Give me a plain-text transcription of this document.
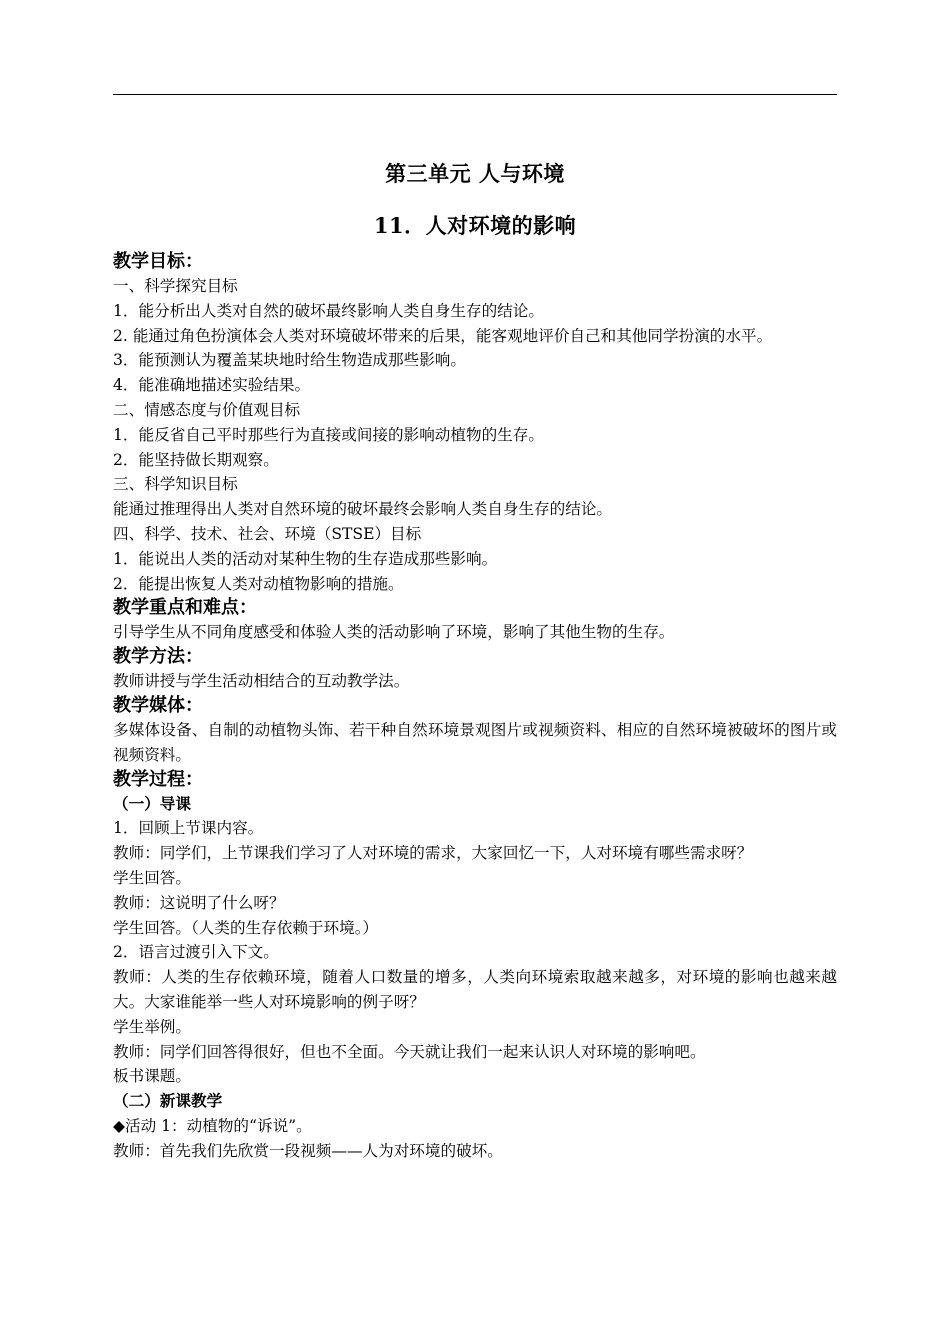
第三单元 人与环境
11．人对环境的影响
教学目标：
一、科学探究目标
1．能分析出人类对自然的破坏最终影响人类自身生存的结论。
2. 能通过角色扮演体会人类对环境破坏带来的后果，能客观地评价自己和其他同学扮演的水平。
3．能预测认为覆盖某块地时给生物造成那些影响。
4．能准确地描述实验结果。
二、情感态度与价值观目标
1．能反省自己平时那些行为直接或间接的影响动植物的生存。
2．能坚持做长期观察。
三、科学知识目标
能通过推理得出人类对自然环境的破坏最终会影响人类自身生存的结论。
四、科学、技术、社会、环境（STSE）目标
1．能说出人类的活动对某种生物的生存造成那些影响。
2．能提出恢复人类对动植物影响的措施。
教学重点和难点：
引导学生从不同角度感受和体验人类的活动影响了环境，影响了其他生物的生存。
教学方法：
教师讲授与学生活动相结合的互动教学法。
教学媒体：
多媒体设备、自制的动植物头饰、若干种自然环境景观图片或视频资料、相应的自然环境被破坏的图片或视频资料。
教学过程：
（一）导课
1．回顾上节课内容。
教师：同学们，上节课我们学习了人对环境的需求，大家回忆一下，人对环境有哪些需求呀？
学生回答。
教师：这说明了什么呀？
学生回答。（人类的生存依赖于环境。）
2．语言过渡引入下文。
教师：人类的生存依赖环境，随着人口数量的增多，人类向环境索取越来越多，对环境的影响也越来越大。大家谁能举一些人对环境影响的例子呀？
学生举例。
教师：同学们回答得很好，但也不全面。今天就让我们一起来认识人对环境的影响吧。
板书课题。
（二）新课教学
◆活动 1：动植物的“诉说”。
教师：首先我们先欣赏一段视频——人为对环境的破坏。
